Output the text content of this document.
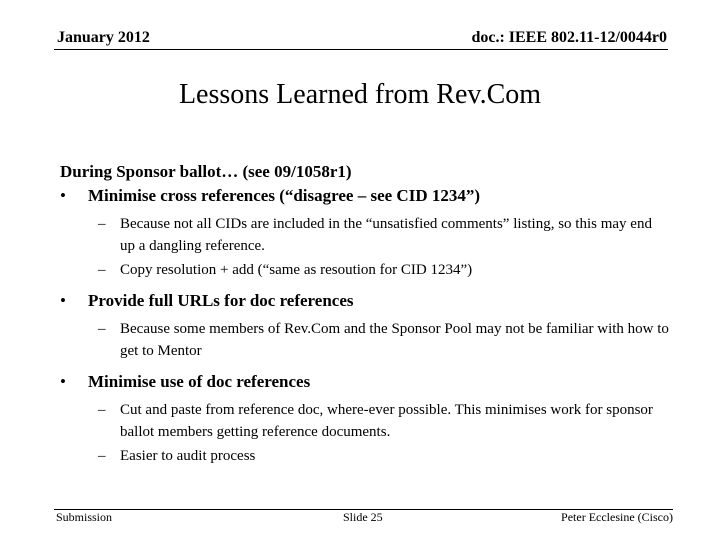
January 2012	doc.: IEEE 802.11-12/0044r0
Lessons Learned from Rev.Com
During Sponsor ballot… (see 09/1058r1)
• Minimise cross references (“disagree – see CID 1234”)
– Because not all CIDs are included in the “unsatisfied comments” listing, so this may end up a dangling reference.
– Copy resolution + add (“same as resoution for CID 1234”)
• Provide full URLs for doc references
– Because some members of Rev.Com and the Sponsor Pool may not be familiar with how to get to Mentor
• Minimise use of doc references
– Cut and paste from reference doc, where-ever possible. This minimises work for sponsor ballot members getting reference documents.
– Easier to audit process
Submission	Slide 25	Peter Ecclesine (Cisco)
